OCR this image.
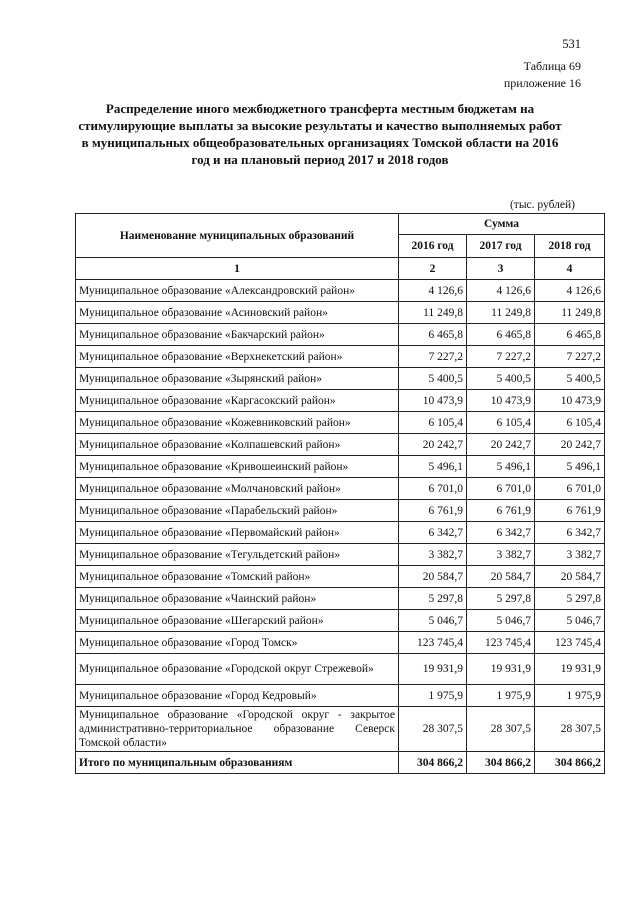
531
Таблица 69
приложение 16
Распределение иного межбюджетного трансферта местным бюджетам на стимулирующие выплаты за высокие результаты и качество выполняемых работ в муниципальных общеобразовательных организациях Томской области на 2016 год и на плановый период 2017 и 2018 годов
(тыс. рублей)
Наименование муниципальных образований	Сумма		
	2016 год	2017 год	2018 год
1	2	3	4
Муниципальное образование «Александровский район»	4 126,6	4 126,6	4 126,6
Муниципальное образование «Асиновский район»	11 249,8	11 249,8	11 249,8
Муниципальное образование «Бакчарский район»	6 465,8	6 465,8	6 465,8
Муниципальное образование «Верхнекетский район»	7 227,2	7 227,2	7 227,2
Муниципальное образование «Зырянский район»	5 400,5	5 400,5	5 400,5
Муниципальное образование «Каргасокский район»	10 473,9	10 473,9	10 473,9
Муниципальное образование «Кожевниковский район»	6 105,4	6 105,4	6 105,4
Муниципальное образование «Колпашевский район»	20 242,7	20 242,7	20 242,7
Муниципальное образование «Кривошеинский район»	5 496,1	5 496,1	5 496,1
Муниципальное образование «Молчановский район»	6 701,0	6 701,0	6 701,0
Муниципальное образование «Парабельский район»	6 761,9	6 761,9	6 761,9
Муниципальное образование «Первомайский район»	6 342,7	6 342,7	6 342,7
Муниципальное образование «Тегульдетский район»	3 382,7	3 382,7	3 382,7
Муниципальное образование «Томский район»	20 584,7	20 584,7	20 584,7
Муниципальное образование «Чаинский район»	5 297,8	5 297,8	5 297,8
Муниципальное образование «Шегарский район»	5 046,7	5 046,7	5 046,7
Муниципальное образование «Город Томск»	123 745,4	123 745,4	123 745,4
Муниципальное образование «Городской округ Стрежевой»	19 931,9	19 931,9	19 931,9
Муниципальное образование «Город Кедровый»	1 975,9	1 975,9	1 975,9
Муниципальное образование «Городской округ - закрытое административно-территориальное образование Северск Томской области»	28 307,5	28 307,5	28 307,5
Итого по муниципальным образованиям	304 866,2	304 866,2	304 866,2
